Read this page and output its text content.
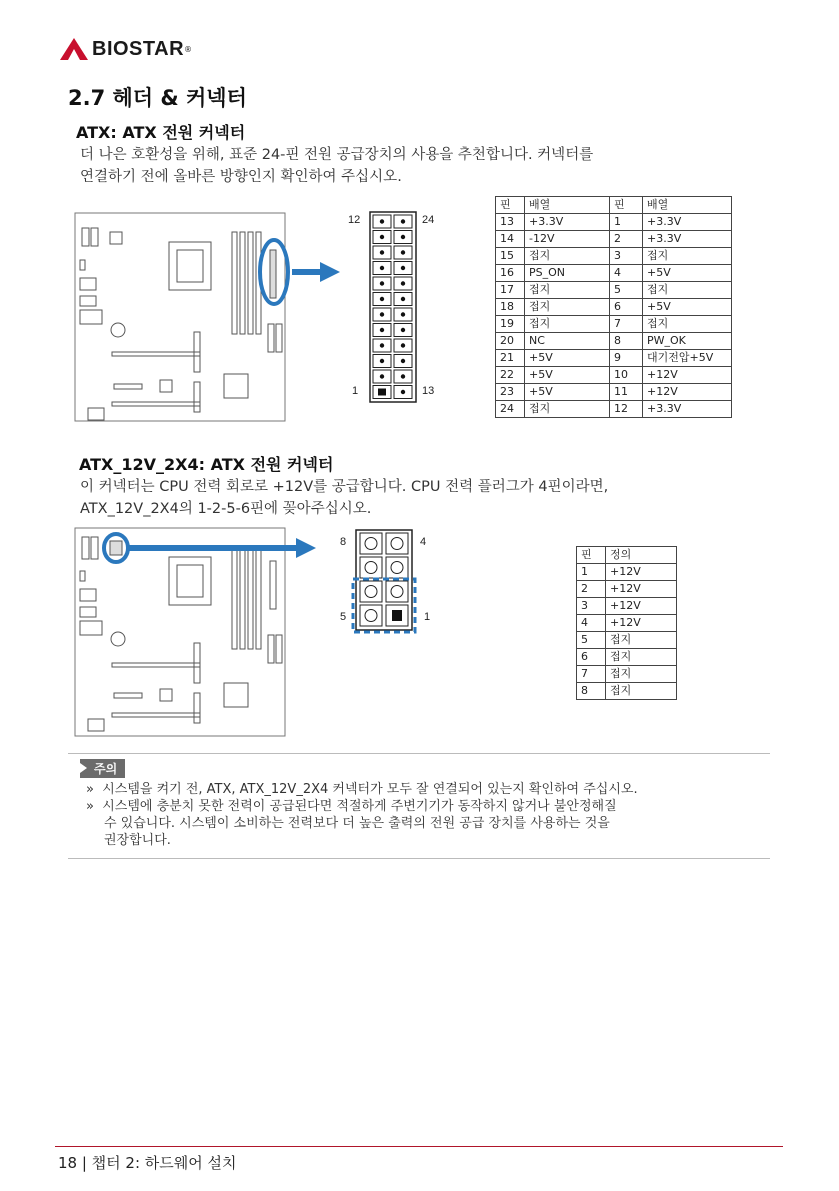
BIOSTAR ®
2.7 헤더 & 커넥터
ATX: ATX 전원 커넥터
더 나은 호환성을 위해, 표준 24-핀 전원 공급장치의 사용을 추천합니다. 커넥터를
연결하기 전에 올바른 방향인지 확인하여 주십시오.
12	24
1	13
핀	배열	핀	배열
13	+3.3V	1	+3.3V
14	-12V	2	+3.3V
15	접지	3	접지
16	PS_ON	4	+5V
17	접지	5	접지
18	접지	6	+5V
19	접지	7	접지
20	NC	8	PW_OK
21	+5V	9	대기전압+5V
22	+5V	10	+12V
23	+5V	11	+12V
24	접지	12	+3.3V
ATX_12V_2X4: ATX 전원 커넥터
이 커넥터는 CPU 전력 회로로 +12V를 공급합니다. CPU 전력 플러그가 4핀이라면,
ATX_12V_2X4의 1-2-5-6핀에 꽂아주십시오.
8	4
5	1
핀	정의
1	+12V
2	+12V
3	+12V
4	+12V
5	접지
6	접지
7	접지
8	접지
주의
» 시스템을 켜기 전, ATX, ATX_12V_2X4 커넥터가 모두 잘 연결되어 있는지 확인하여 주십시오.
» 시스템에 충분치 못한 전력이 공급된다면 적절하게 주변기기가 동작하지 않거나 불안정해질
수 있습니다. 시스템이 소비하는 전력보다 더 높은 출력의 전원 공급 장치를 사용하는 것을
권장합니다.
18 | 챕터 2: 하드웨어 설치
